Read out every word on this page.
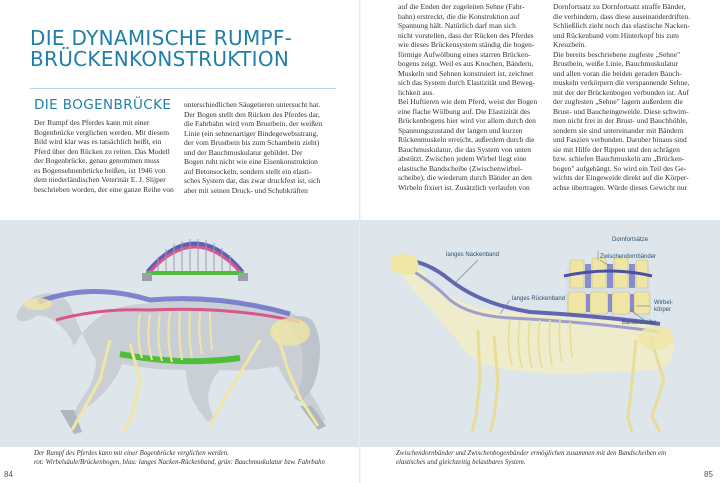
DIE DYNAMISCHE RUMPF-
BRÜCKENKONSTRUKTION
DIE BOGENBRÜCKE

Der Rumpf des Pferdes kann mit einer
Bogenbrücke verglichen werden. Mit diesem
Bild wird klar was es tatsächlich heißt, ein
Pferd über den Rücken zu reiten. Das Modell
der Bogenbrücke, genau genommen muss
es Bogensehnenbrücke heißen, ist 1946 von
dem niederländischen Veterinär E. J. Slijper
beschrieben worden, der eine ganze Reihe von

unterschiedlichen Säugetieren untersucht hat.
Der Bogen stellt den Rücken des Pferdes dar,
die Fahrbahn wird vom Brustbein, der weißen
Linie (ein sehnenartiger Bindegewebsstrang,
der vom Brustbein bis zum Schambein zieht)
und der Bauchmuskulatur gebildet. Der
Bogen ruht nicht wie eine Eisenkonstruktion
auf Betonsockeln, sondern stellt ein elasti-
sches System dar, das zwar druckfest ist, sich
aber mit seinen Druck- und Schubkräften

Der Rumpf des Pferdes kann mit einer Bogenbrücke verglichen werden.
rot: Wirbelsäule/Brückenbogen, blau: langes Nacken-Rückenband, grün: Bauchmuskulatur bzw. Fahrbahn

84

auf die Enden der zugeleiten Sehne (Fahr-
bahn) erstreckt, die die Konstruktion auf
Spannung hält. Natürlich darf man sich
nicht vorstellen, dass der Rücken des Pferdes
wie dieses Brückensystem ständig die bogen-
förmige Aufwölbung eines starren Brücken-
bogens zeigt. Weil es aus Knochen, Bändern,
Muskeln und Sehnen konstruiert ist, zeichnet
sich das System durch Elastizität und Beweg-
lichkeit aus.
Bei Huftieren wie dem Pferd, weist der Bogen
eine flache Wölbung auf. Die Elastizität des
Brückenbogens hier wird vor allem durch den
Spannungszustand der langen und kurzen
Rückenmuskeln erreicht, außerdem durch die
Bauchmuskulatur, die das System von unten
abstützt. Zwischen jedem Wirbel liegt eine
elastische Bandscheibe (Zwischenwirbel-
scheibe), die wiederum durch Bänder an den
Wirbeln fixiert ist. Zusätzlich verlaufen von

Dornfortsatz zu Dornfortsatz straffe Bänder,
die verhindern, dass diese auseinanderdriften.
Schließlich zieht noch das elastische Nacken-
und Rückenband vom Hinterkopf bis zum
Kreuzbein.
Die bereits beschriebene zugfeste „Sehne"
Brustbein, weiße Linie, Bauchmuskulatur
und allen voran die beiden geraden Bauch-
muskeln verkörpern die verspannende Sehne,
mit der der Brückenbogen verbunden ist. Auf
der zugfesten „Sehne" lagern außerdem die
Brust- und Baucheingeweide. Diese schwim-
men nicht frei in der Brust- und Bauchhöhle,
sondern sie sind untereinander mit Bändern
und Faszien verbunden. Daruber hinaus sind
sie mit Hilfe der Rippen und den schrägen
bzw. schiefen Bauchmuskeln am „Brücken-
bogen" aufgehängt. So wird ein Teil des Ge-
wichts der Eingeweide direkt auf die Körper-
achse übertragen. Würde dieses Gewicht nur

Dornfortsätze
Zwischendornbänder
langes Nackenband
langes Rückenband
Wirbel-
körper
Bandscheibe

Zwischendornbänder und Zwischenbogenbänder ermöglichen zusammen mit den Bandscheiben ein
elastisches und gleichzeitig belastbares System.

85
